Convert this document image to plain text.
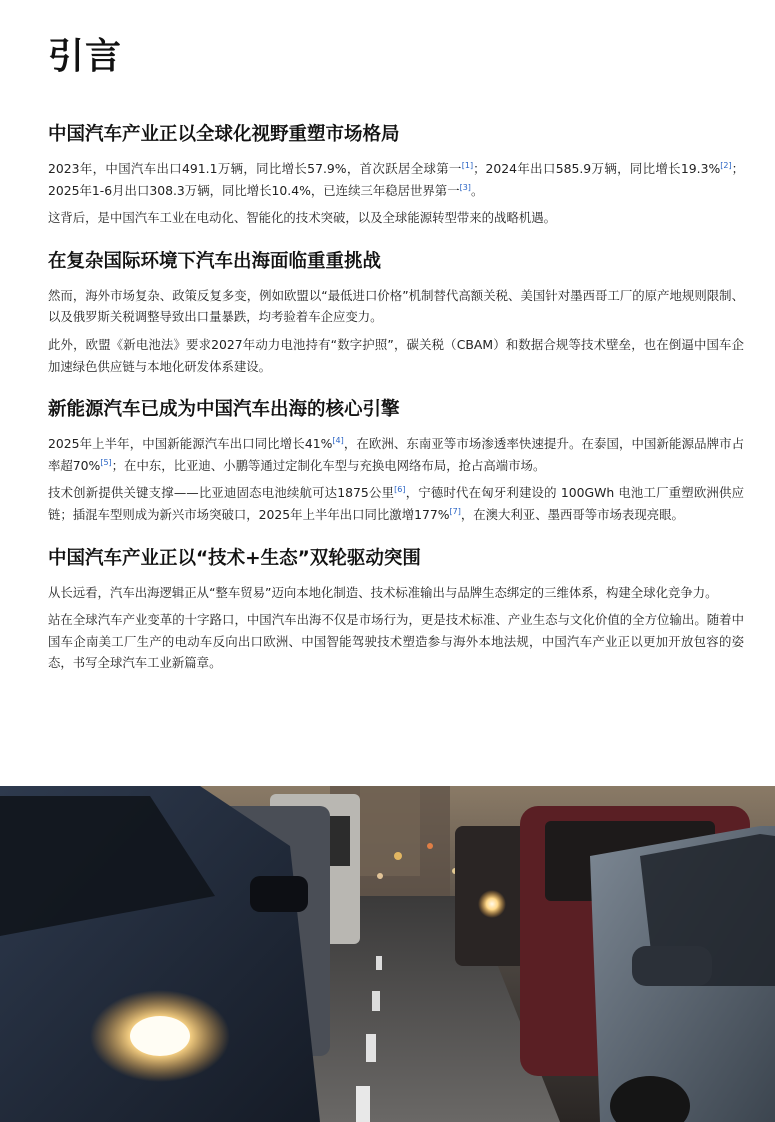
引言
中国汽车产业正以全球化视野重塑市场格局

2023年，中国汽车出口491.1万辆，同比增长57.9%，首次跃居全球第一[1]；2024年出口585.9万辆，同比增长19.3%[2]；2025年1-6月出口308.3万辆，同比增长10.4%，已连续三年稳居世界第一[3]。

这背后，是中国汽车工业在电动化、智能化的技术突破，以及全球能源转型带来的战略机遇。

在复杂国际环境下汽车出海面临重重挑战

然而，海外市场复杂、政策反复多变，例如欧盟以“最低进口价格”机制替代高额关税、美国针对墨西哥工厂的原产地规则限制、以及俄罗斯关税调整导致出口量暴跌，均考验着车企应变力。

此外，欧盟《新电池法》要求2027年动力电池持有“数字护照”，碳关税（CBAM）和数据合规等技术壁垒，也在倒逼中国车企加速绿色供应链与本地化研发体系建设。

新能源汽车已成为中国汽车出海的核心引擎

2025年上半年，中国新能源汽车出口同比增长41%[4]，在欧洲、东南亚等市场渗透率快速提升。在泰国，中国新能源品牌市占率超70%[5]；在中东，比亚迪、小鹏等通过定制化车型与充换电网络布局，抢占高端市场。

技术创新提供关键支撑——比亚迪固态电池续航可达1875公里[6]，宁德时代在匈牙利建设的 100GWh 电池工厂重塑欧洲供应链；插混车型则成为新兴市场突破口，2025年上半年出口同比激增177%[7]，在澳大利亚、墨西哥等市场表现亮眼。

中国汽车产业正以“技术+生态”双轮驱动突围

从长远看，汽车出海逻辑正从“整车贸易”迈向本地化制造、技术标准输出与品牌生态绑定的三维体系，构建全球化竞争力。

站在全球汽车产业变革的十字路口，中国汽车出海不仅是市场行为，更是技术标准、产业生态与文化价值的全方位输出。随着中国车企南美工厂生产的电动车反向出口欧洲、中国智能驾驶技术塑造参与海外本地法规，中国汽车产业正以更加开放包容的姿态，书写全球汽车工业新篇章。
